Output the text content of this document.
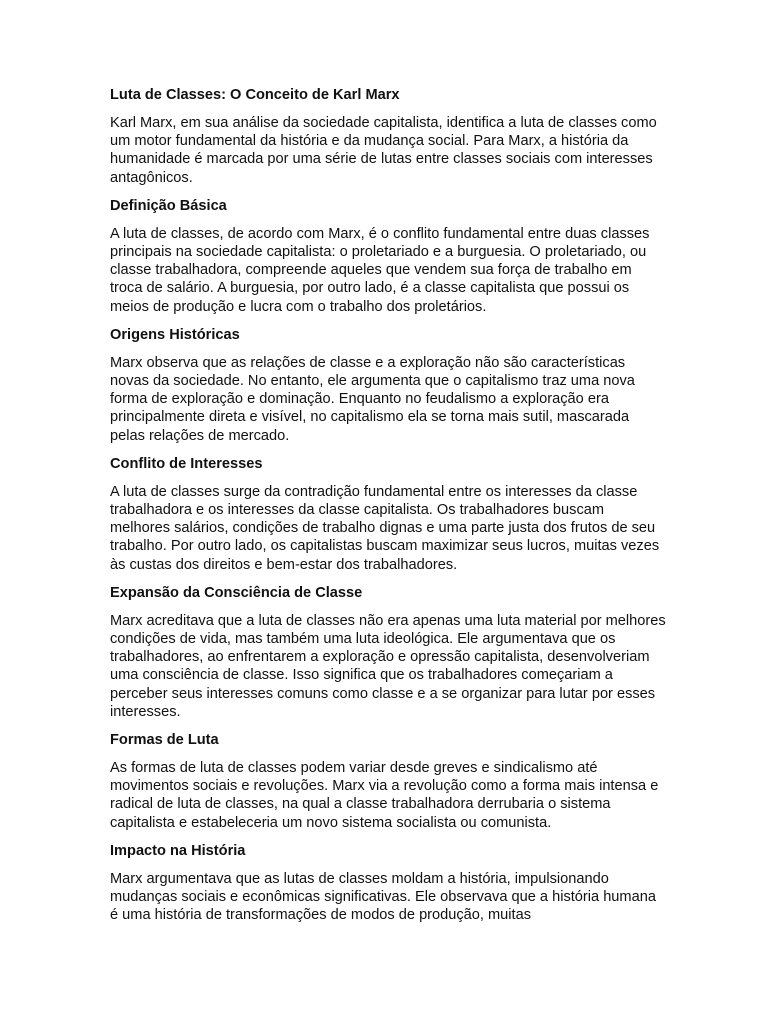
Luta de Classes: O Conceito de Karl Marx

Karl Marx, em sua análise da sociedade capitalista, identifica a luta de classes como um motor fundamental da história e da mudança social. Para Marx, a história da humanidade é marcada por uma série de lutas entre classes sociais com interesses antagônicos.

Definição Básica

A luta de classes, de acordo com Marx, é o conflito fundamental entre duas classes principais na sociedade capitalista: o proletariado e a burguesia. O proletariado, ou classe trabalhadora, compreende aqueles que vendem sua força de trabalho em troca de salário. A burguesia, por outro lado, é a classe capitalista que possui os meios de produção e lucra com o trabalho dos proletários.

Origens Históricas

Marx observa que as relações de classe e a exploração não são características novas da sociedade. No entanto, ele argumenta que o capitalismo traz uma nova forma de exploração e dominação. Enquanto no feudalismo a exploração era principalmente direta e visível, no capitalismo ela se torna mais sutil, mascarada pelas relações de mercado.

Conflito de Interesses

A luta de classes surge da contradição fundamental entre os interesses da classe trabalhadora e os interesses da classe capitalista. Os trabalhadores buscam melhores salários, condições de trabalho dignas e uma parte justa dos frutos de seu trabalho. Por outro lado, os capitalistas buscam maximizar seus lucros, muitas vezes às custas dos direitos e bem-estar dos trabalhadores.

Expansão da Consciência de Classe

Marx acreditava que a luta de classes não era apenas uma luta material por melhores condições de vida, mas também uma luta ideológica. Ele argumentava que os trabalhadores, ao enfrentarem a exploração e opressão capitalista, desenvolveriam uma consciência de classe. Isso significa que os trabalhadores começariam a perceber seus interesses comuns como classe e a se organizar para lutar por esses interesses.

Formas de Luta

As formas de luta de classes podem variar desde greves e sindicalismo até movimentos sociais e revoluções. Marx via a revolução como a forma mais intensa e radical de luta de classes, na qual a classe trabalhadora derrubaria o sistema capitalista e estabeleceria um novo sistema socialista ou comunista.

Impacto na História

Marx argumentava que as lutas de classes moldam a história, impulsionando mudanças sociais e econômicas significativas. Ele observava que a história humana é uma história de transformações de modos de produção, muitas
